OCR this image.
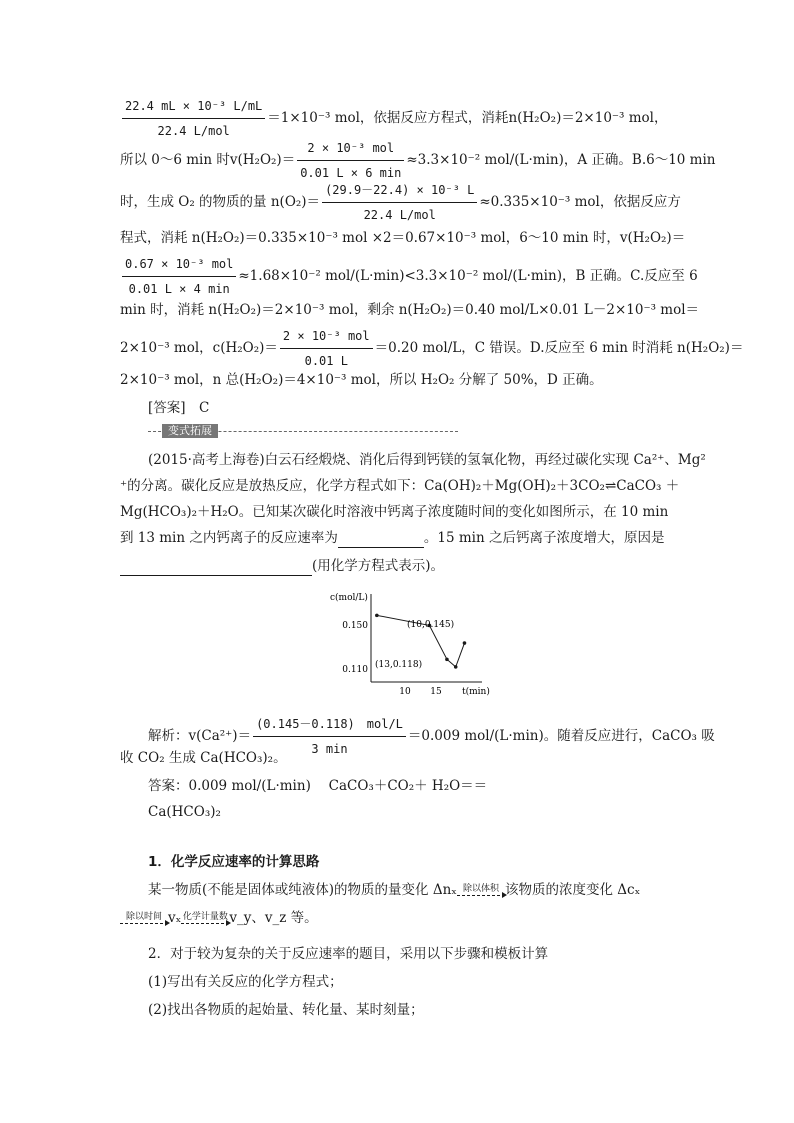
$\frac{\text{22.4 mL × 10⁻³ L/mL}}{\text{22.4 L/mol}} =1\times 10^{-3}$ mol，依据反应方程式，消耗n(H₂O₂)＝2×10⁻³ mol，
所以 0～6 min 时$v(H_2O_2)= \frac{\text{2 × 10⁻³ mol}}{0.01 L \times 6 \min} \approx 3.3\times 10^{-2}$ mol/(L·min)，A 正确。B.6～10 min
时，生成 O₂ 的物质的量 $n(O_2)= \frac{\text{(29.9－22.4) × 10⁻³ L}}{\text{22.4 L/mol}} \approx 0.335\times 10^{-3}$ mol，依据反应方
程式，消耗 n(H₂O₂)＝0.335×10⁻³ mol ×2＝0.67×10⁻³ mol，6～10 min 时，v(H₂O₂)＝
$\frac{\text{0.67 × 10⁻³ mol}}{0.01 L \times 4 \min} \approx 1.68\times 10^{-2}$ mol/(L·min)<3.3×10⁻² mol/(L·min)，B 正确。C.反应至 6
min 时，消耗 n(H₂O₂)＝2×10⁻³ mol，剩余 n(H₂O₂)＝0.40 mol/L×0.01 L－2×10⁻³ mol＝
2×10⁻³ mol，$c(H_2O_2)= \frac{\text{2 × 10⁻³ mol}}{0.01 L} =0.20$ mol/L，C 错误。D.反应至 6 min 时消耗 n(H₂O₂)＝
2×10⁻³ mol，n 总(H₂O₂)＝4×10⁻³ mol，所以 H₂O₂ 分解了 50%，D 正确。
[答案]　C
变式拓展
(2015·高考上海卷)白云石经煅烧、消化后得到钙镁的氢氧化物，再经过碳化实现 Ca²⁺、Mg²
⁺的分离。碳化反应是放热反应，化学方程式如下：Ca(OH)₂＋Mg(OH)₂＋3CO₂⇌CaCO₃ ＋
Mg(HCO₃)₂＋H₂O。已知某次碳化时溶液中钙离子浓度随时间的变化如图所示，在 10 min
到 13 min 之内钙离子的反应速率为	。15 min 之后钙离子浓度增大，原因是
(用化学方程式表示)。
c(mol/L)
t(min)
10 15
0.150
0.110
(10,0.145)
(13,0.118)
解析：$v(Ca^{2+})= \frac{\text{(0.145－0.118)　mol/L}}{3 \min} =0.009$ mol/(L·min)。随着反应进行，CaCO₃ 吸
收 CO₂ 生成 Ca(HCO₃)₂。
答案：0.009 mol/(L·min)　 CaCO₃＋CO₂＋ H₂O＝＝
Ca(HCO₃)₂
1．化学反应速率的计算思路
某一物质(不能是固体或纯液体)的物质的量变化 Δnₓ 除以体积 该物质的浓度变化 Δcₓ
除以时间 vₓ 化学计量数 v_y、v_z 等。
2．对于较为复杂的关于反应速率的题目，采用以下步骤和模板计算
(1)写出有关反应的化学方程式；
(2)找出各物质的起始量、转化量、某时刻量；
